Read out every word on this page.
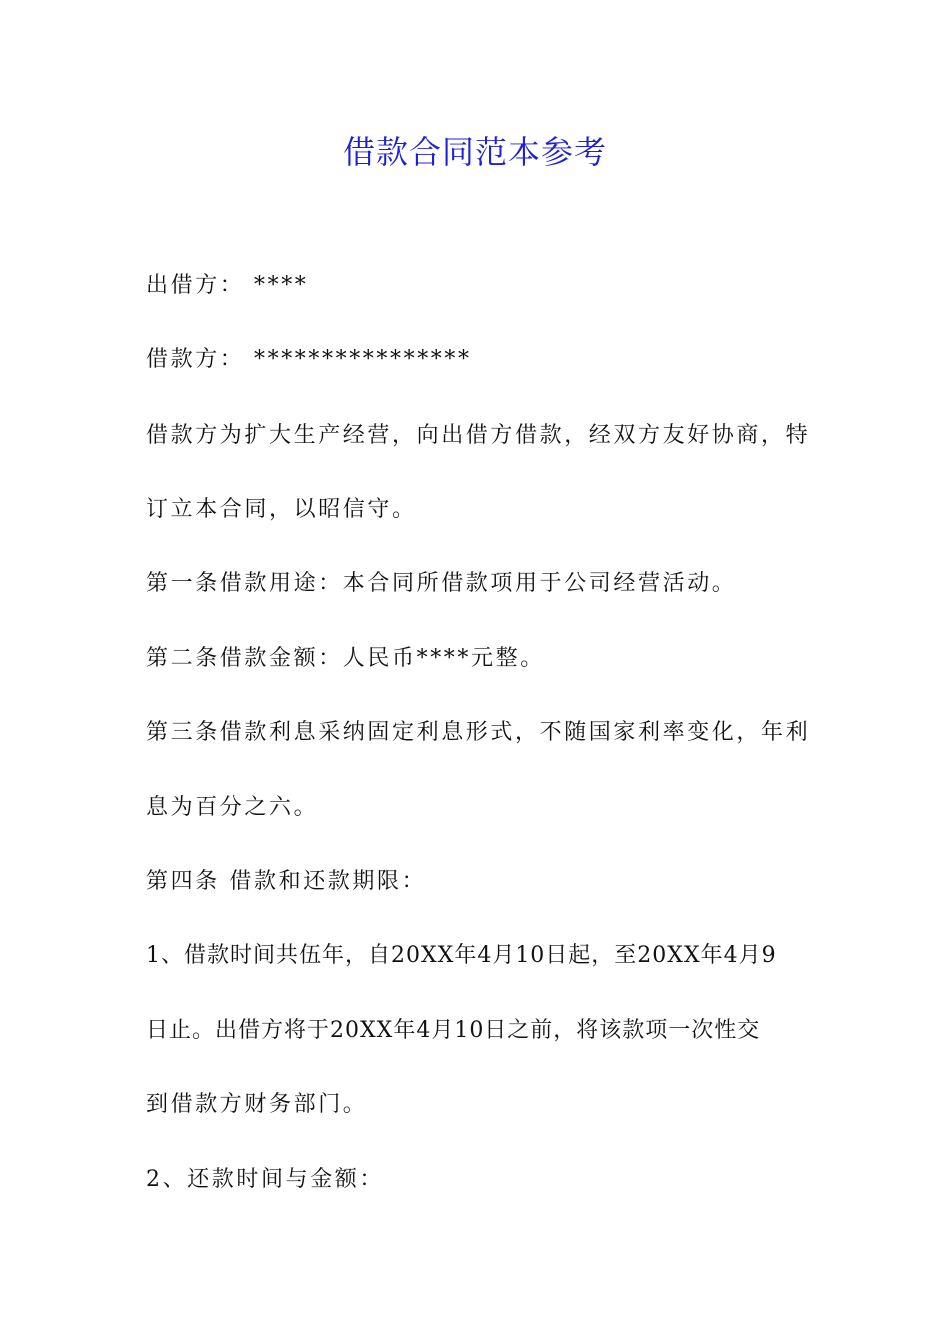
借款合同范本参考
出借方： ****
借款方： ****************
借款方为扩大生产经营，向出借方借款，经双方友好协商，特
订立本合同，以昭信守。
第一条借款用途：本合同所借款项用于公司经营活动。
第二条借款金额：人民币****元整。
第三条借款利息采纳固定利息形式，不随国家利率变化，年利
息为百分之六。
第四条 借款和还款期限：
1、借款时间共伍年，自20XX年4月10日起，至20XX年4月9
日止。出借方将于20XX年4月10日之前，将该款项一次性交
到借款方财务部门。
2、还款时间与金额：
